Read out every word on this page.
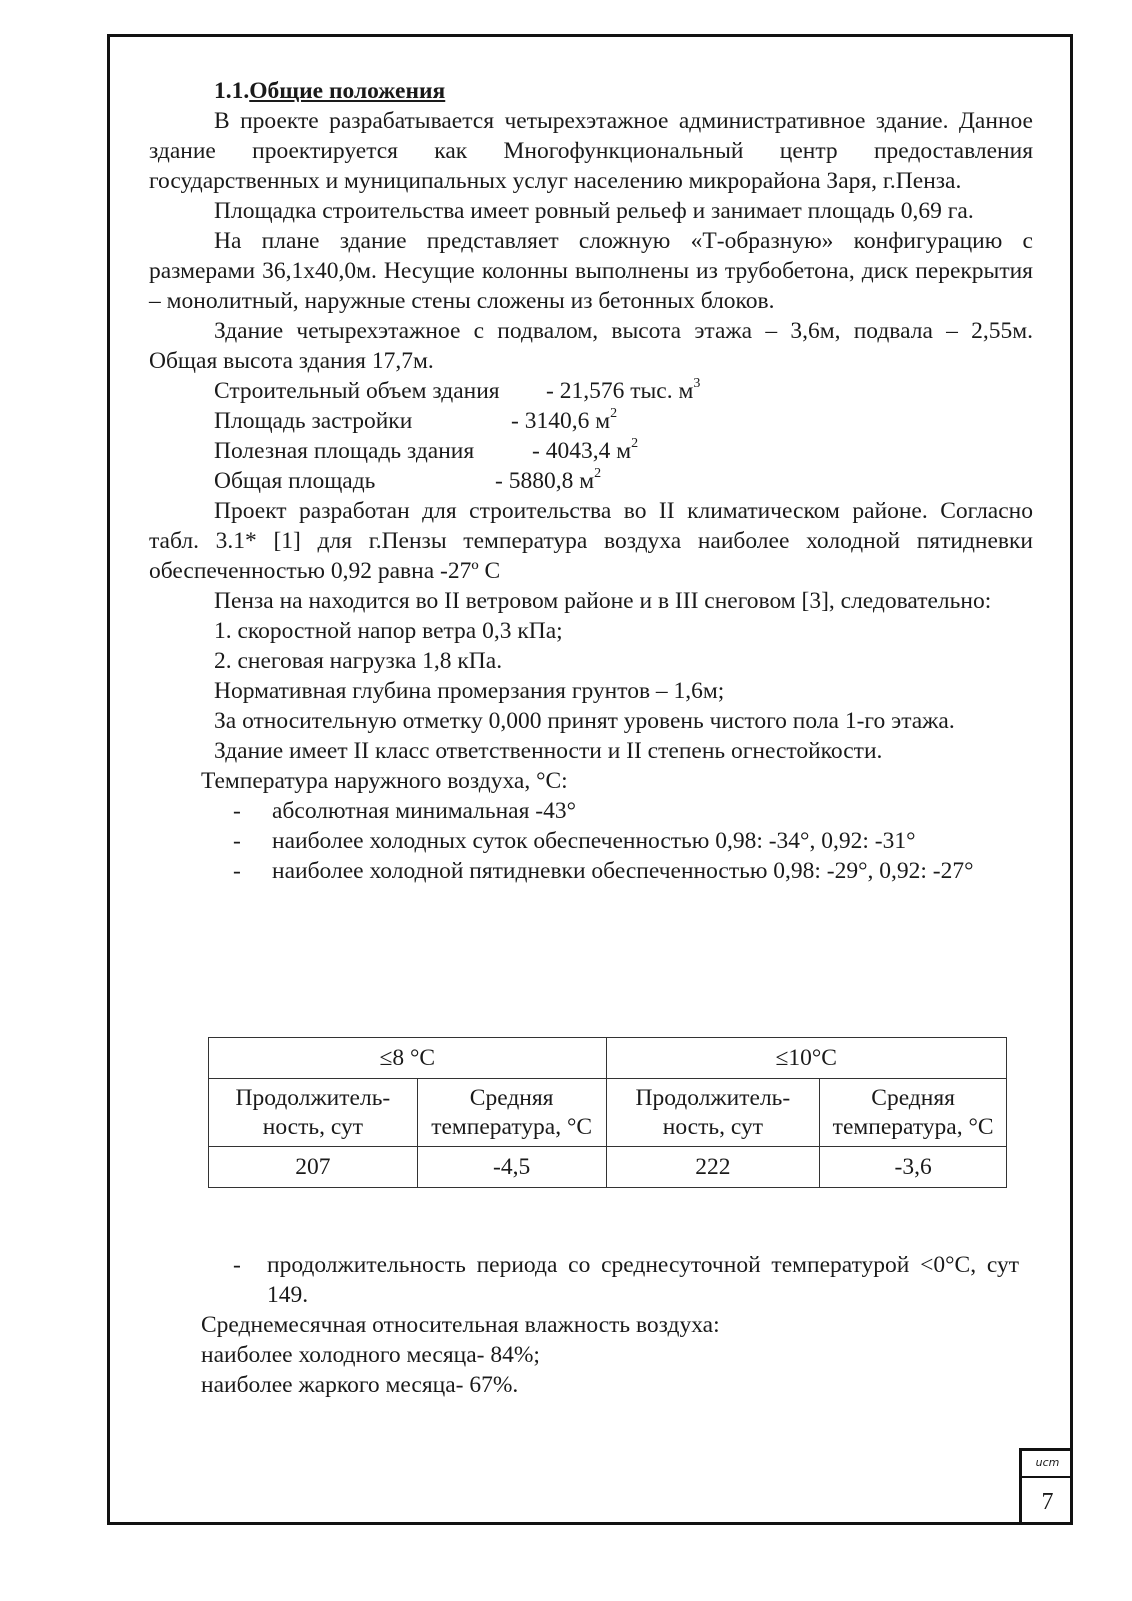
1.1.Общие положения

В проекте разрабатывается четырехэтажное административное здание. Данное здание проектируется как Многофункциональный центр предоставления государственных и муниципальных услуг населению микрорайона Заря, г.Пенза.

Площадка строительства имеет ровный рельеф и занимает площадь 0,69 га.

На плане здание представляет сложную «Т-образную» конфигурацию с размерами 36,1х40,0м. Несущие колонны выполнены из трубобетона, диск перекрытия – монолитный, наружные стены сложены из бетонных блоков.

Здание четырехэтажное с подвалом, высота этажа – 3,6м, подвала – 2,55м. Общая высота здания 17,7м.

Строительный объем здания - 21,576 тыс. $м^3$
Площадь застройки	- 3140,6 $м^2$
Полезная площадь здания - 4043,4 $м^2$
Общая площадь	- 5880,8 $м^2$

Проект разработан для строительства во II климатическом районе. Согласно табл. 3.1* [1] для г.Пензы температура воздуха наиболее холодной пятидневки обеспеченностью 0,92 равна -27º С

Пенза на находится во II ветровом районе и в III снеговом [3], следовательно:

1. скоростной напор ветра 0,3 кПа;

2. снеговая нагрузка 1,8 кПа.

Нормативная глубина промерзания грунтов – 1,6м;

За относительную отметку 0,000 принят уровень чистого пола 1-го этажа.

Здание имеет II класс ответственности и II степень огнестойкости.

Температура наружного воздуха, °С:

- абсолютная минимальная -43°
- наиболее холодных суток обеспеченностью 0,98: -34°, 0,92: -31°
- наиболее холодной пятидневки обеспеченностью 0,98: -29°, 0,92: -27°
≤8 °С		≤10°С	
Продолжитель-ность, сут	Средняя температура, °С	Продолжитель-ность, сут	Средняя температура, °С
207	-4,5	222	-3,6
- продолжительность периода со среднесуточной температурой <0°С, сут 149.

Среднемесячная относительная влажность воздуха:

наиболее холодного месяца- 84%;

наиболее жаркого месяца- 67%.

ucm
7
